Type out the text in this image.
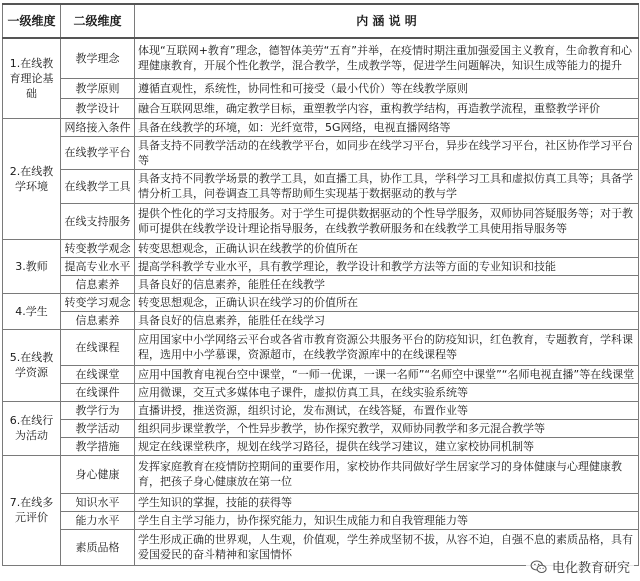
一级维度	二级维度	内 涵 说 明
1.在线教育理论基础	教学理念	体现“互联网+教育”理念，德智体美劳“五育”并举，在疫情时期注重加强爱国主义教育，生命教育和心理健康教育，开展个性化教学，混合教学，生成教学等，促进学生问题解决，知识生成等能力的提升
	教学原则	遵循直观性，系统性，协同性和可接受（最小代价）等在线教学原则
	教学设计	融合互联网思维，确定教学目标，重塑教学内容，重构教学结构，再造教学流程，重整教学评价
2.在线教学环境	网络接入条件	具备在线教学的环境，如：光纤宽带，5G网络，电视直播网络等
	在线教学平台	具备支持不同教学活动的在线教学平台，如同步在线学习平台，异步在线学习平台，社区协作学习平台等
	在线教学工具	具备支持不同教学场景的教学工具，如直播工具，协作工具，学科学习工具和虚拟仿真工具等；具备学情分析工具，问卷调查工具等帮助师生实现基于数据驱动的教与学
	在线支持服务	提供个性化的学习支持服务。对于学生可提供数据驱动的个性导学服务，双师协同答疑服务等；对于教师可提供在线教学设计理论指导服务，在线教学教研服务和在线教学工具使用指导服务等
3.教师	转变教学观念	转变思想观念，正确认识在线教学的价值所在
	提高专业水平	提高学科教学专业水平，具有教学理论，教学设计和教学方法等方面的专业知识和技能
	信息素养	具备良好的信息素养，能胜任在线教学
4.学生	转变学习观念	转变思想观念，正确认识在线学习的价值所在
	信息素养	具备良好的信息素养，能胜任在线学习
5.在线教学资源	在线课程	应用国家中小学网络云平台或各省市教育资源公共服务平台的防疫知识，红色教育，专题教育，学科课程，选用中小学慕课，资源超市，在线教学资源库中的在线课程等
	在线课堂	应用中国教育电视台空中课堂，“一师一优课，一课一名师”“名师空中课堂”“名师电视直播”等在线课堂
	在线课件	应用微课，交互式多媒体电子课件，虚拟仿真工具，在线实验系统等
6.在线行为活动	教学行为	直播讲授，推送资源，组织讨论，发布测试，在线答疑，布置作业等
	教学活动	组织同步课堂教学，个性异步教学，协作探究教学，双师协同教学和多元混合教学等
	教学措施	规定在线课堂秩序，规划在线学习路径，提供在线学习建议，建立家校协同机制等
7.在线多元评价	身心健康	发挥家庭教育在疫情防控期间的重要作用，家校协作共同做好学生居家学习的身体健康与心理健康教育，把孩子身心健康放在第一位
	知识水平	学生知识的掌握，技能的获得等
	能力水平	学生自主学习能力，协作探究能力，知识生成能力和自我管理能力等
	素质品格	学生形成正确的世界观，人生观，价值观，学生养成坚韧不拔，从容不迫，自强不息的素质品格，具有爱国爱民的奋斗精神和家国情怀
电化教育研究
